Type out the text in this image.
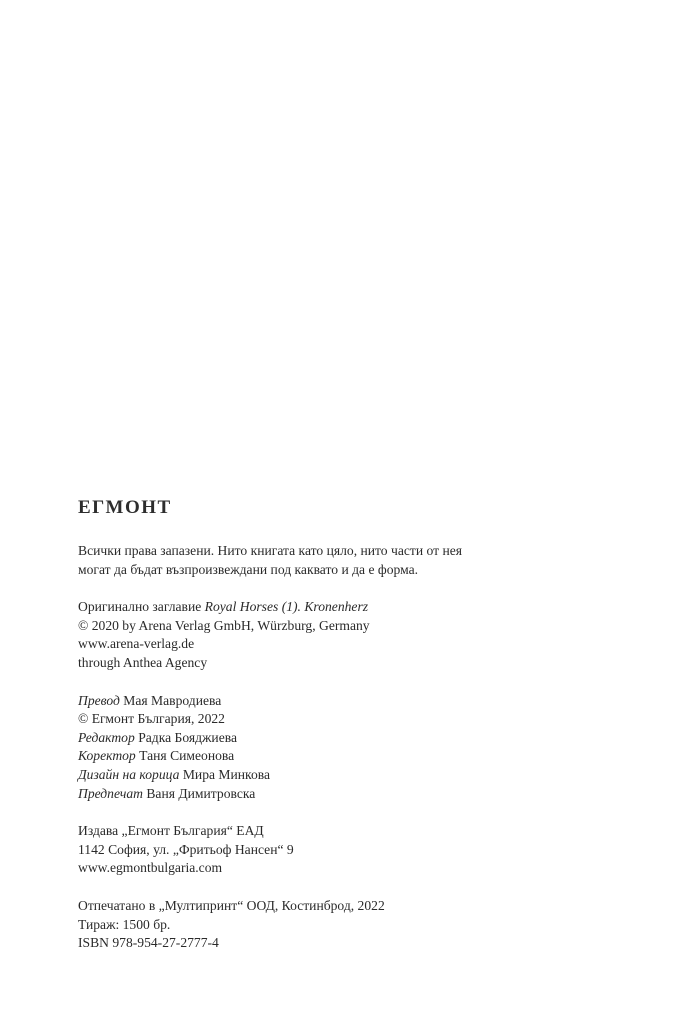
ЕГМОНТ
Всички права запазени. Нито книгата като цяло, нито части от нея
могат да бъдат възпроизвеждани под каквато и да е форма.
Оригинално заглавие Royal Horses (1). Kronenherz
© 2020 by Arena Verlag GmbH, Würzburg, Germany
www.arena-verlag.de
through Anthea Agency
Превод Мая Мавродиева
© Егмонт България, 2022
Редактор Радка Бояджиева
Коректор Таня Симеонова
Дизайн на корица Мира Минкова
Предпечат Ваня Димитровска
Издава „Егмонт България“ ЕАД
1142 София, ул. „Фритьоф Нансен“ 9
www.egmontbulgaria.com
Отпечатано в „Мултипринт“ ООД, Костинброд, 2022
Тираж: 1500 бр.
ISBN 978-954-27-2777-4
